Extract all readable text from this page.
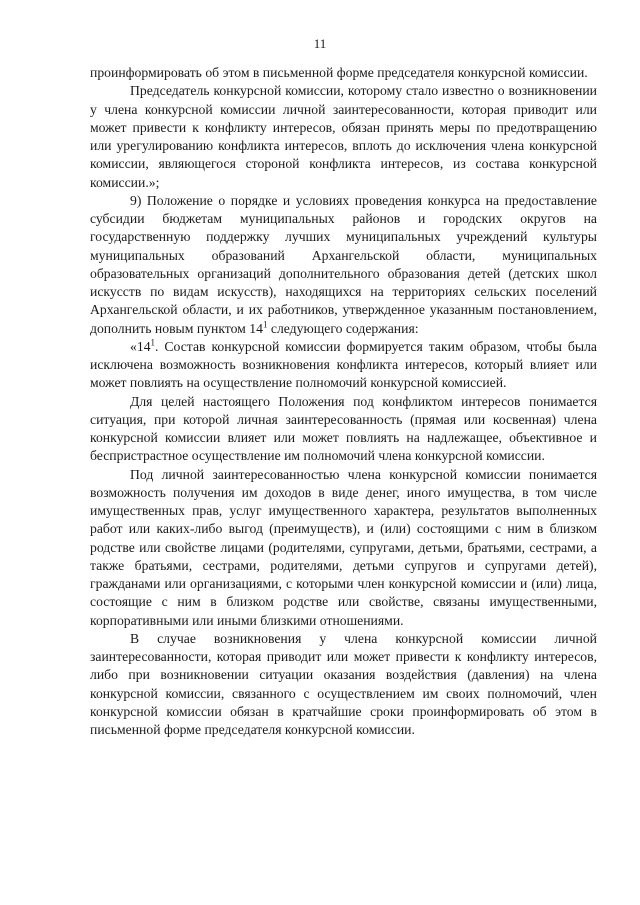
11

проинформировать об этом в письменной форме председателя конкурсной комиссии.

Председатель конкурсной комиссии, которому стало известно о возникновении у члена конкурсной комиссии личной заинтересованности, которая приводит или может привести к конфликту интересов, обязан принять меры по предотвращению или урегулированию конфликта интересов, вплоть до исключения члена конкурсной комиссии, являющегося стороной конфликта интересов, из состава конкурсной комиссии.»;

9) Положение о порядке и условиях проведения конкурса на предоставление субсидии бюджетам муниципальных районов и городских округов на государственную поддержку лучших муниципальных учреждений культуры муниципальных образований Архангельской области, муниципальных образовательных организаций дополнительного образования детей (детских школ искусств по видам искусств), находящихся на территориях сельских поселений Архангельской области, и их работников, утвержденное указанным постановлением, дополнить новым пунктом $14^1$ следующего содержания:

«$14^1$. Состав конкурсной комиссии формируется таким образом, чтобы была исключена возможность возникновения конфликта интересов, который влияет или может повлиять на осуществление полномочий конкурсной комиссией.

Для целей настоящего Положения под конфликтом интересов понимается ситуация, при которой личная заинтересованность (прямая или косвенная) члена конкурсной комиссии влияет или может повлиять на надлежащее, объективное и беспристрастное осуществление им полномочий члена конкурсной комиссии.

Под личной заинтересованностью члена конкурсной комиссии понимается возможность получения им доходов в виде денег, иного имущества, в том числе имущественных прав, услуг имущественного характера, результатов выполненных работ или каких-либо выгод (преимуществ), и (или) состоящими с ним в близком родстве или свойстве лицами (родителями, супругами, детьми, братьями, сестрами, а также братьями, сестрами, родителями, детьми супругов и супругами детей), гражданами или организациями, с которыми член конкурсной комиссии и (или) лица, состоящие с ним в близком родстве или свойстве, связаны имущественными, корпоративными или иными близкими отношениями.

В случае возникновения у члена конкурсной комиссии личной заинтересованности, которая приводит или может привести к конфликту интересов, либо при возникновении ситуации оказания воздействия (давления) на члена конкурсной комиссии, связанного с осуществлением им своих полномочий, член конкурсной комиссии обязан в кратчайшие сроки проинформировать об этом в письменной форме председателя конкурсной комиссии.
